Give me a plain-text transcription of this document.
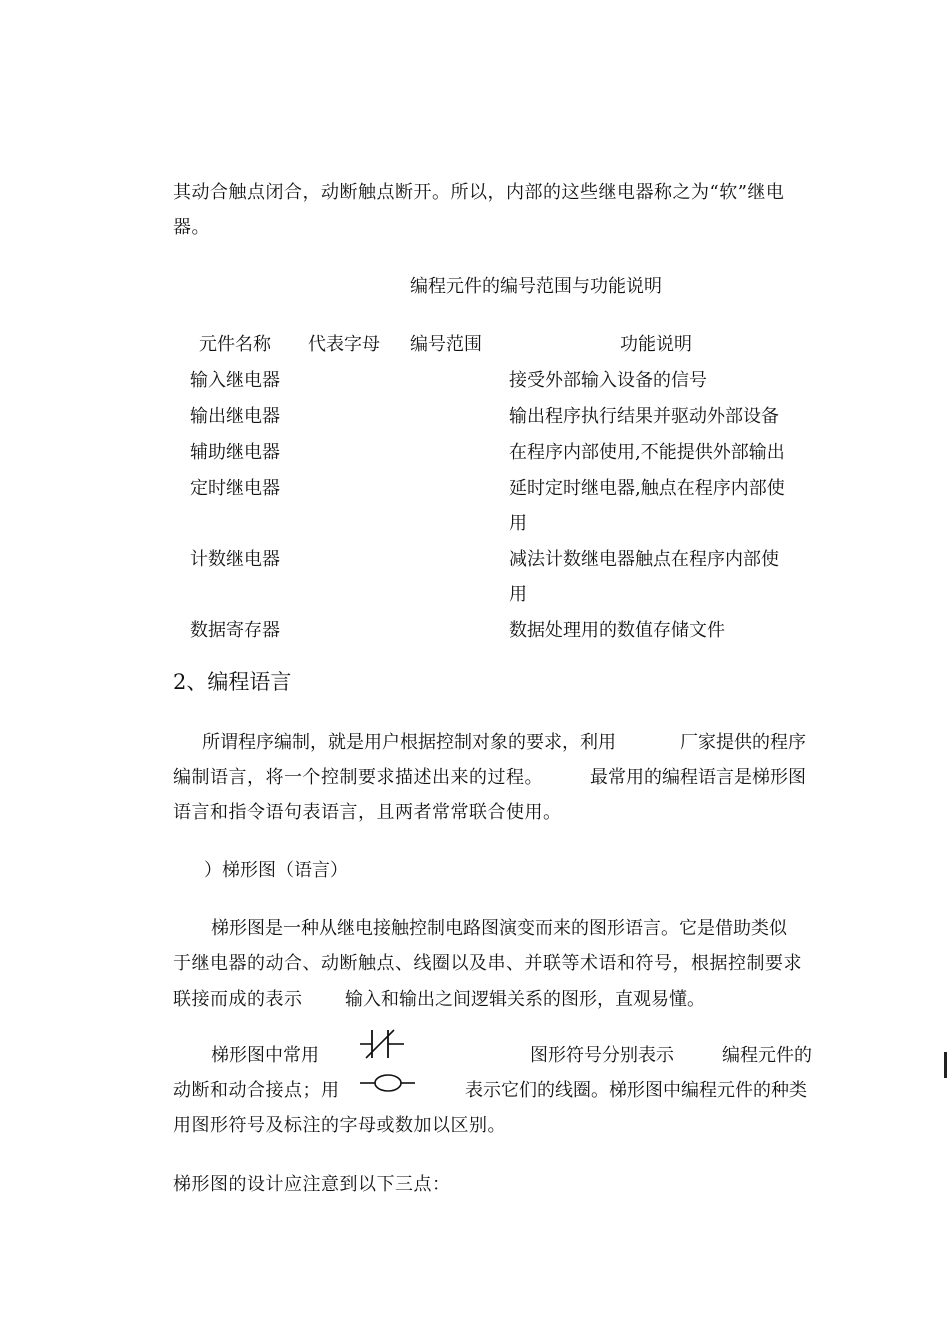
其动合触点闭合，动断触点断开。所以，内部的这些继电器称之为“软”继电
器。
编程元件的编号范围与功能说明
元件名称 代表字母 编号范围	功能说明
输入继电器	接受外部输入设备的信号
输出继电器	输出程序执行结果并驱动外部设备
辅助继电器	在程序内部使用,不能提供外部输出
定时继电器	延时定时继电器,触点在程序内部使
用
计数继电器	减法计数继电器触点在程序内部使
用
数据寄存器	数据处理用的数值存储文件
2、编程语言
所谓程序编制，就是用户根据控制对象的要求，利用	厂家提供的程序
编制语言，将一个控制要求描述出来的过程。	最常用的编程语言是梯形图
语言和指令语句表语言，且两者常常联合使用。
）梯形图（语言）
梯形图是一种从继电接触控制电路图演变而来的图形语言。它是借助类似
于继电器的动合、动断触点、线圈以及串、并联等术语和符号，根据控制要求
联接而成的表示 输入和输出之间逻辑关系的图形，直观易懂。
梯形图中常用	图形符号分别表示	编程元件的
动断和动合接点；用	表示它们的线圈。梯形图中编程元件的种类
用图形符号及标注的字母或数加以区别。
梯形图的设计应注意到以下三点：
